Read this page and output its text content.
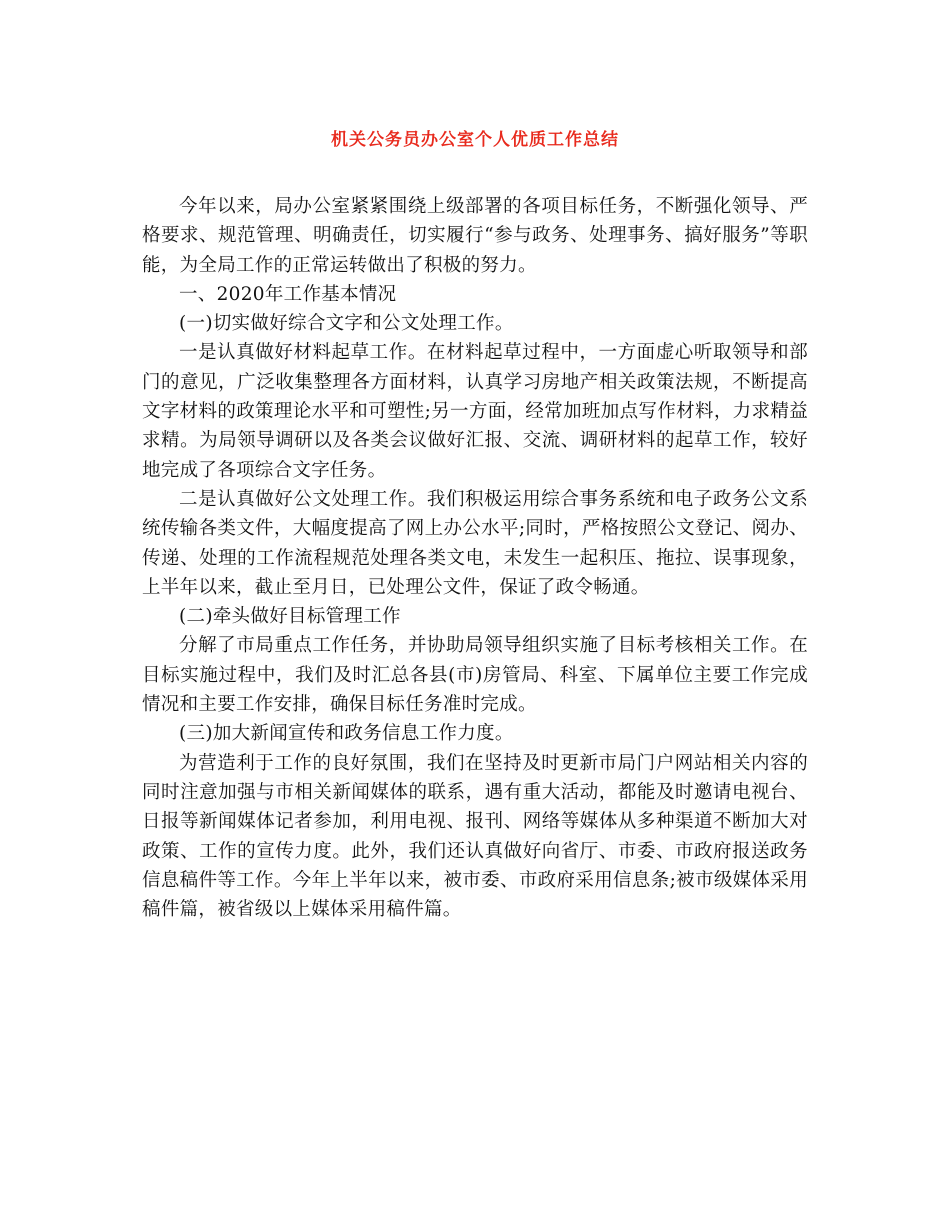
机关公务员办公室个人优质工作总结

今年以来，局办公室紧紧围绕上级部署的各项目标任务，不断强化领导、严格要求、规范管理、明确责任，切实履行“参与政务、处理事务、搞好服务”等职能，为全局工作的正常运转做出了积极的努力。

一、2020年工作基本情况

(一)切实做好综合文字和公文处理工作。

一是认真做好材料起草工作。在材料起草过程中，一方面虚心听取领导和部门的意见，广泛收集整理各方面材料，认真学习房地产相关政策法规，不断提高文字材料的政策理论水平和可塑性;另一方面，经常加班加点写作材料，力求精益求精。为局领导调研以及各类会议做好汇报、交流、调研材料的起草工作，较好地完成了各项综合文字任务。

二是认真做好公文处理工作。我们积极运用综合事务系统和电子政务公文系统传输各类文件，大幅度提高了网上办公水平;同时，严格按照公文登记、阅办、传递、处理的工作流程规范处理各类文电，未发生一起积压、拖拉、误事现象，上半年以来，截止至月日，已处理公文件，保证了政令畅通。

(二)牵头做好目标管理工作

分解了市局重点工作任务，并协助局领导组织实施了目标考核相关工作。在目标实施过程中，我们及时汇总各县(市)房管局、科室、下属单位主要工作完成情况和主要工作安排，确保目标任务准时完成。

(三)加大新闻宣传和政务信息工作力度。

为营造利于工作的良好氛围，我们在坚持及时更新市局门户网站相关内容的同时注意加强与市相关新闻媒体的联系，遇有重大活动，都能及时邀请电视台、日报等新闻媒体记者参加，利用电视、报刊、网络等媒体从多种渠道不断加大对政策、工作的宣传力度。此外，我们还认真做好向省厅、市委、市政府报送政务信息稿件等工作。今年上半年以来，被市委、市政府采用信息条;被市级媒体采用稿件篇，被省级以上媒体采用稿件篇。
